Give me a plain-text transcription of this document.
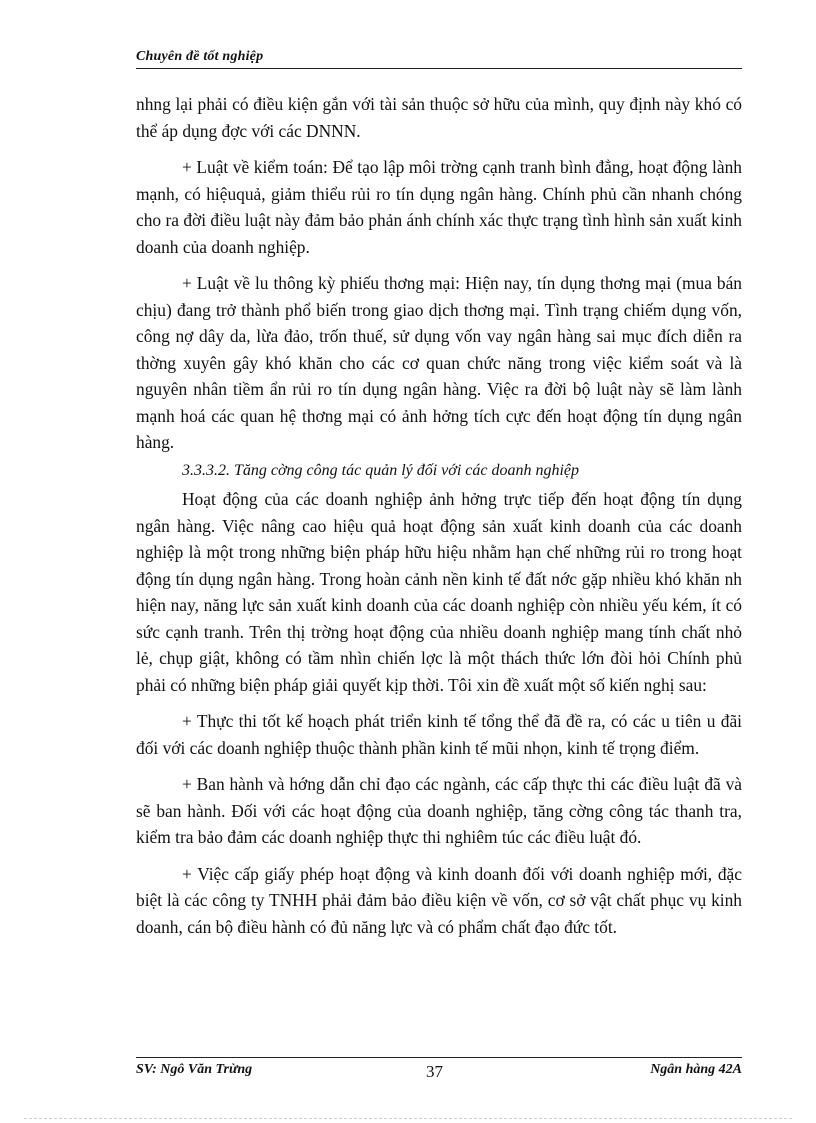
Chuyên đề tốt nghiệp

nhng lại phải có điều kiện gắn với tài sản thuộc sở hữu của mình, quy định này khó có thể áp dụng đợc với các DNNN.

+ Luật về kiểm toán: Để tạo lập môi trờng cạnh tranh bình đẳng, hoạt động lành mạnh, có hiệuquả, giảm thiểu rủi ro tín dụng ngân hàng. Chính phủ cần nhanh chóng cho ra đời điều luật này đảm bảo phản ánh chính xác thực trạng tình hình sản xuất kinh doanh của doanh nghiệp.

+ Luật về lu thông kỳ phiếu thơng mại: Hiện nay, tín dụng thơng mại (mua bán chịu) đang trở thành phổ biến trong giao dịch thơng mại. Tình trạng chiếm dụng vốn, công nợ dây da, lừa đảo, trốn thuế, sử dụng vốn vay ngân hàng sai mục đích diễn ra thờng xuyên gây khó khăn cho các cơ quan chức năng trong việc kiểm soát và là nguyên nhân tiềm ẩn rủi ro tín dụng ngân hàng. Việc ra đời bộ luật này sẽ làm lành mạnh hoá các quan hệ thơng mại có ảnh hởng tích cực đến hoạt động tín dụng ngân hàng.

3.3.3.2. Tăng cờng công tác quản lý đối với các doanh nghiệp

Hoạt động của các doanh nghiệp ảnh hởng trực tiếp đến hoạt động tín dụng ngân hàng. Việc nâng cao hiệu quả hoạt động sản xuất kinh doanh của các doanh nghiệp là một trong những biện pháp hữu hiệu nhằm hạn chế những rủi ro trong hoạt động tín dụng ngân hàng. Trong hoàn cảnh nền kinh tế đất nớc gặp nhiều khó khăn nh hiện nay, năng lực sản xuất kinh doanh của các doanh nghiệp còn nhiều yếu kém, ít có sức cạnh tranh. Trên thị trờng hoạt động của nhiều doanh nghiệp mang tính chất nhỏ lẻ, chụp giật, không có tầm nhìn chiến lợc là một thách thức lớn đòi hỏi Chính phủ phải có những biện pháp giải quyết kịp thời. Tôi xin đề xuất một số kiến nghị sau:

+ Thực thi tốt kế hoạch phát triển kinh tế tổng thể đã đề ra, có các u tiên u đãi đối với các doanh nghiệp thuộc thành phần kinh tế mũi nhọn, kinh tế trọng điểm.

+ Ban hành và hớng dẫn chỉ đạo các ngành, các cấp thực thi các điều luật đã và sẽ ban hành. Đối với các hoạt động của doanh nghiệp, tăng cờng công tác thanh tra, kiểm tra bảo đảm các doanh nghiệp thực thi nghiêm túc các điều luật đó.

+ Việc cấp giấy phép hoạt động và kinh doanh đối với doanh nghiệp mới, đặc biệt là các công ty TNHH phải đảm bảo điều kiện về vốn, cơ sở vật chất phục vụ kinh doanh, cán bộ điều hành có đủ năng lực và có phẩm chất đạo đức tốt.

SV: Ngô Văn Trừng	37	Ngân hàng 42A
